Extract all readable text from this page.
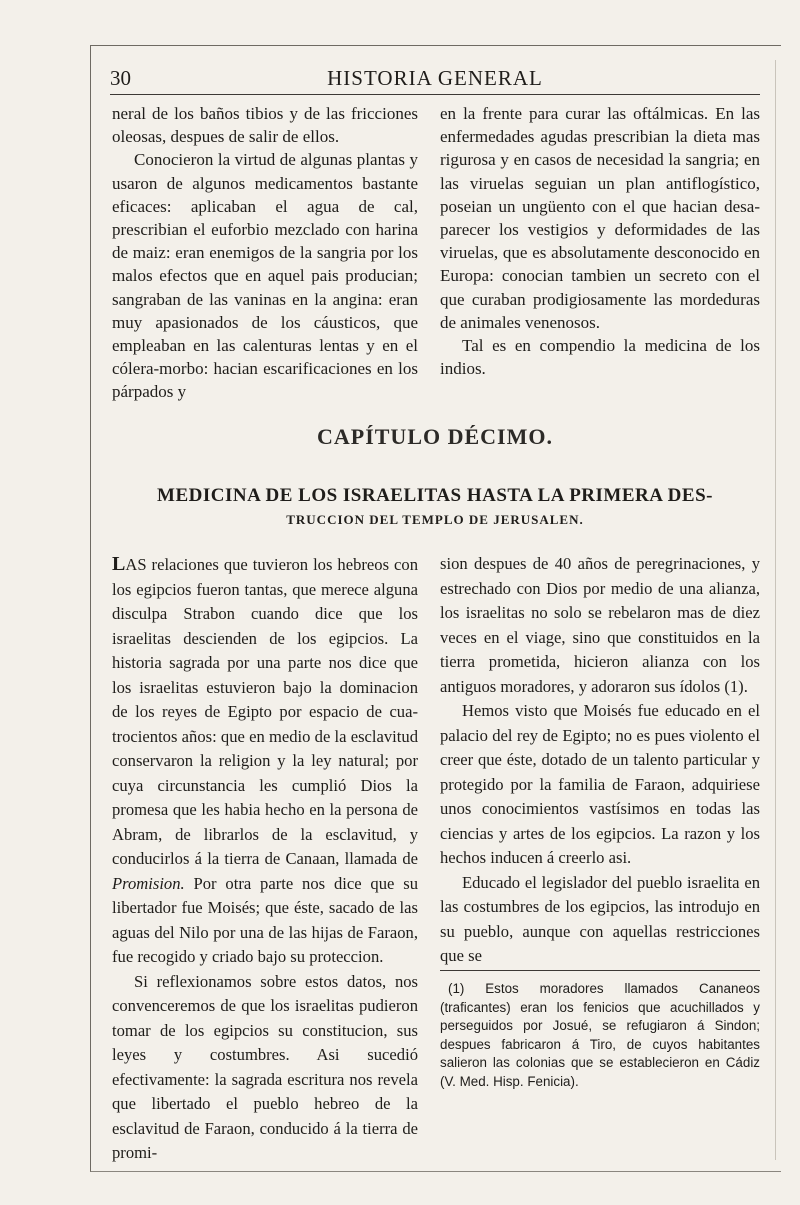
30	HISTORIA GENERAL

neral de los baños tibios y de las fricciones oleosas, despues de salir de ellos.

Conocieron la virtud de algunas plantas y usaron de algunos medicamentos bastante eficaces: aplicaban el agua de cal, prescribian el euforbio mezclado con harina de maiz: eran enemigos de la sangria por los malos efectos que en aquel pais producian; sangraban de las vaninas en la angina: eran muy apasionados de los cáusticos, que empleaban en las calenturas lentas y en el cólera-morbo: hacian escarificaciones en los párpados y

en la frente para curar las oftálmicas. En las enfermedades agudas prescribian la dieta mas rigurosa y en casos de necesidad la sangria; en las viruelas seguian un plan antiflogístico, poseian un ungüento con el que hacian desaparecer los vestigios y deformidades de las viruelas, que es absolutamente desconocido en Europa: conocian tambien un secreto con el que curaban prodigiosamente las mordeduras de animales venenosos.

Tal es en compendio la medicina de los indios.

CAPÍTULO DÉCIMO.
MEDICINA DE LOS ISRAELITAS HASTA LA PRIMERA DES-
TRUCCION DEL TEMPLO DE JERUSALEN.

LAS relaciones que tuvieron los hebreos con los egipcios fueron tantas, que merece alguna disculpa Strabon cuando dice que los israelitas descienden de los egipcios. La historia sagrada por una parte nos dice que los israelitas estuvieron bajo la dominacion de los reyes de Egipto por espacio de cuatrocientos años: que en medio de la esclavitud conservaron la religion y la ley natural; por cuya circunstancia les cumplió Dios la promesa que les habia hecho en la persona de Abram, de librarlos de la esclavitud, y conducirlos á la tierra de Canaan, llamada de Promision. Por otra parte nos dice que su libertador fue Moisés; que éste, sacado de las aguas del Nilo por una de las hijas de Faraon, fue recogido y criado bajo su proteccion.

Si reflexionamos sobre estos datos, nos convenceremos de que los israelitas pudieron tomar de los egipcios su constitucion, sus leyes y costumbres. Asi sucedió efectivamente: la sagrada escritura nos revela que libertado el pueblo hebreo de la esclavitud de Faraon, conducido á la tierra de promi-

sion despues de 40 años de peregrinaciones, y estrechado con Dios por medio de una alianza, los israelitas no solo se rebelaron mas de diez veces en el viage, sino que constituidos en la tierra prometida, hicieron alianza con los antiguos moradores, y adoraron sus ídolos (1).

Hemos visto que Moisés fue educado en el palacio del rey de Egipto; no es pues violento el creer que éste, dotado de un talento particular y protegido por la familia de Faraon, adquiriese unos conocimientos vastísimos en todas las ciencias y artes de los egipcios. La razon y los hechos inducen á creerlo asi.

Educado el legislador del pueblo israelita en las costumbres de los egipcios, las introdujo en su pueblo, aunque con aquellas restricciones que se

(1) Estos moradores llamados Cananeos (traficantes) eran los fenicios que acuchillados y perseguidos por Josué, se refugiaron á Sindon; despues fabricaron á Tiro, de cuyos habitantes salieron las colonias que se establecieron en Cádiz (V. Med. Hisp. Fenicia).
